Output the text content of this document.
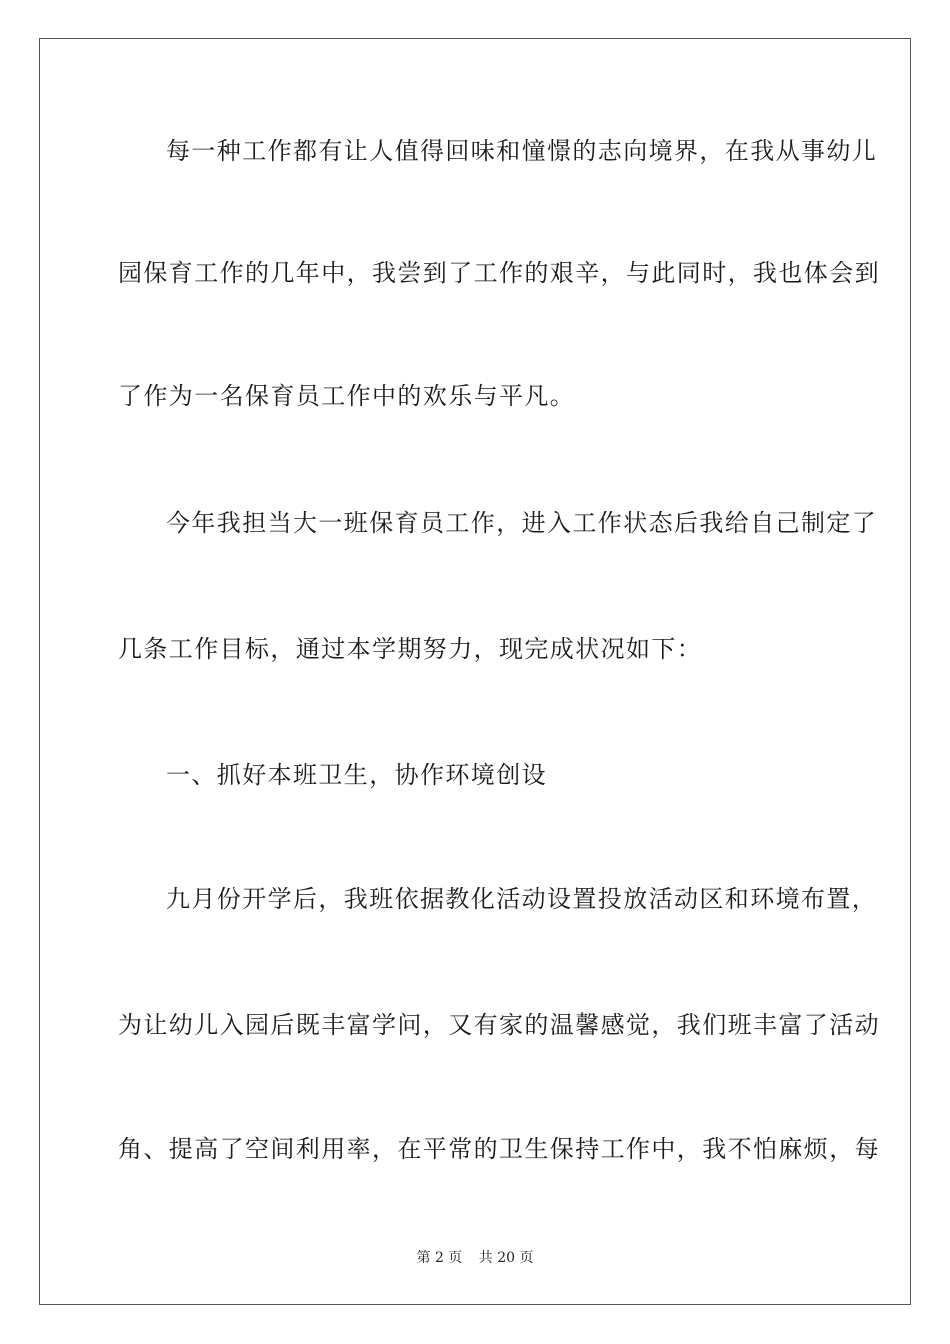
每一种工作都有让人值得回味和憧憬的志向境界，在我从事幼儿
园保育工作的几年中，我尝到了工作的艰辛，与此同时，我也体会到
了作为一名保育员工作中的欢乐与平凡。
今年我担当大一班保育员工作，进入工作状态后我给自己制定了
几条工作目标，通过本学期努力，现完成状况如下：
一、抓好本班卫生，协作环境创设
九月份开学后，我班依据教化活动设置投放活动区和环境布置，
为让幼儿入园后既丰富学问，又有家的温馨感觉，我们班丰富了活动
角、提高了空间利用率，在平常的卫生保持工作中，我不怕麻烦，每
第 2 页 共 20 页
